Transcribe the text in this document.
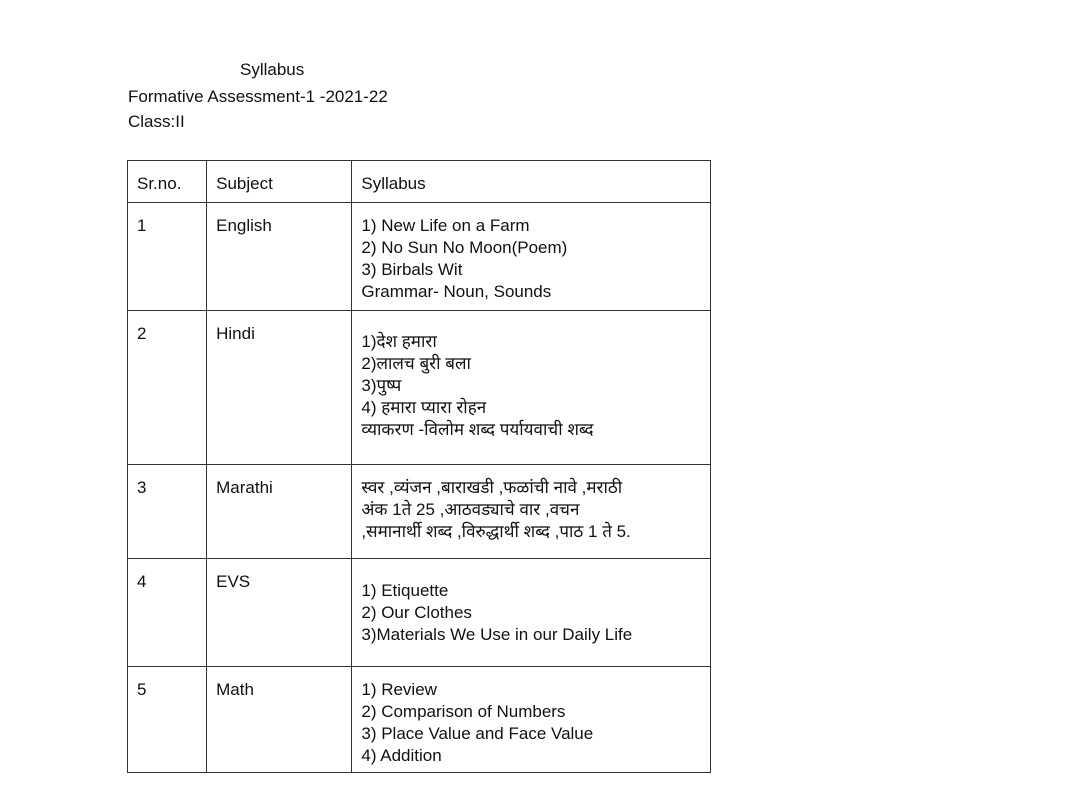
Syllabus
Formative Assessment-1 -2021-22
Class:II
Sr.no.	Subject	Syllabus

1	English	1) New Life on a Farm
2) No Sun No Moon(Poem)
3) Birbals Wit
Grammar- Noun, Sounds

2	Hindi	1)देश हमारा
2)लालच बुरी बला
3)पुष्प
4) हमारा प्यारा रोहन
व्याकरण -विलोम शब्द पर्यायवाची शब्द

3	Marathi	स्वर ,व्यंजन ,बाराखडी ,फळांची नावे ,मराठी
अंक 1ते 25 ,आठवड्याचे वार ,वचन
,समानार्थी शब्द ,विरुद्धार्थी शब्द ,पाठ 1 ते 5.

4	EVS	1) Etiquette
2) Our Clothes
3)Materials We Use in our Daily Life

5	Math	1) Review
2) Comparison of Numbers
3) Place Value and Face Value
4) Addition
